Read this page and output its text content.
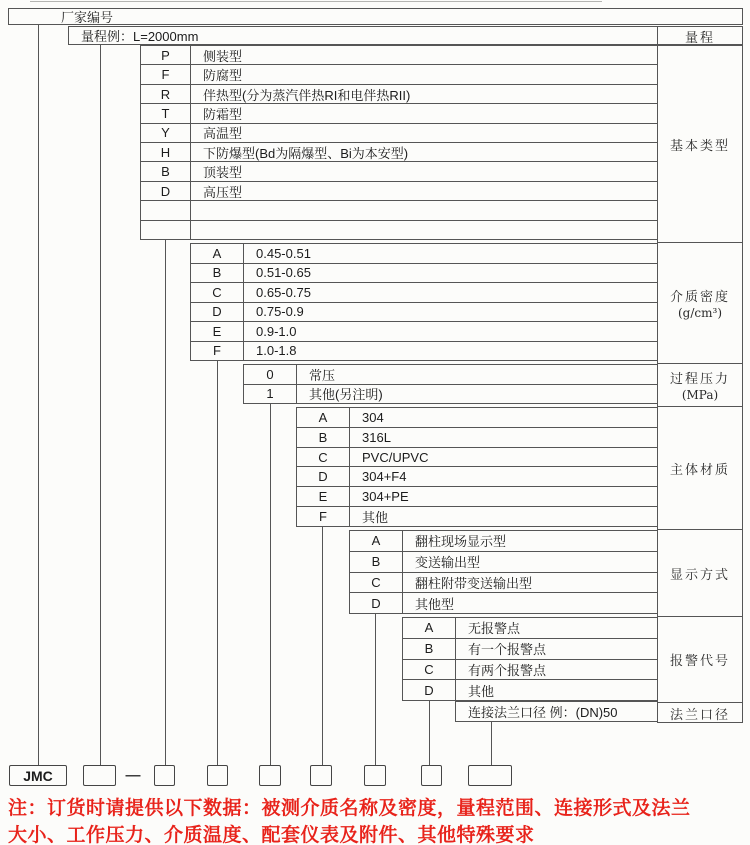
厂家编号
量程例：L=2000mm
连接法兰口径 例：(DN)50
量程
基本类型
介质密度
(g/cm³)
过程压力
(MPa)
主体材质
显示方式
报警代号
法兰口径
—
注：订货时请提供以下数据：被测介质名称及密度，量程范围、连接形式及法兰
大小、工作压力、介质温度、配套仪表及附件、其他特殊要求
P	侧装型
F	防腐型
R	伴热型(分为蒸汽伴热RI和电伴热RII)
T	防霜型
Y	高温型
H	下防爆型(Bd为隔爆型、Bi为本安型)
B	顶装型
D	高压型
A	0.45-0.51
B	0.51-0.65
C	0.65-0.75
D	0.75-0.9
E	0.9-1.0
F	1.0-1.8
0	常压
1	其他(另注明)
A	304
B	316L
C	PVC/UPVC
D	304+F4
E	304+PE
F	其他
A	翻柱现场显示型
B	变送输出型
C	翻柱附带变送输出型
D	其他型
A	无报警点
B	有一个报警点
C	有两个报警点
D	其他
JMC
